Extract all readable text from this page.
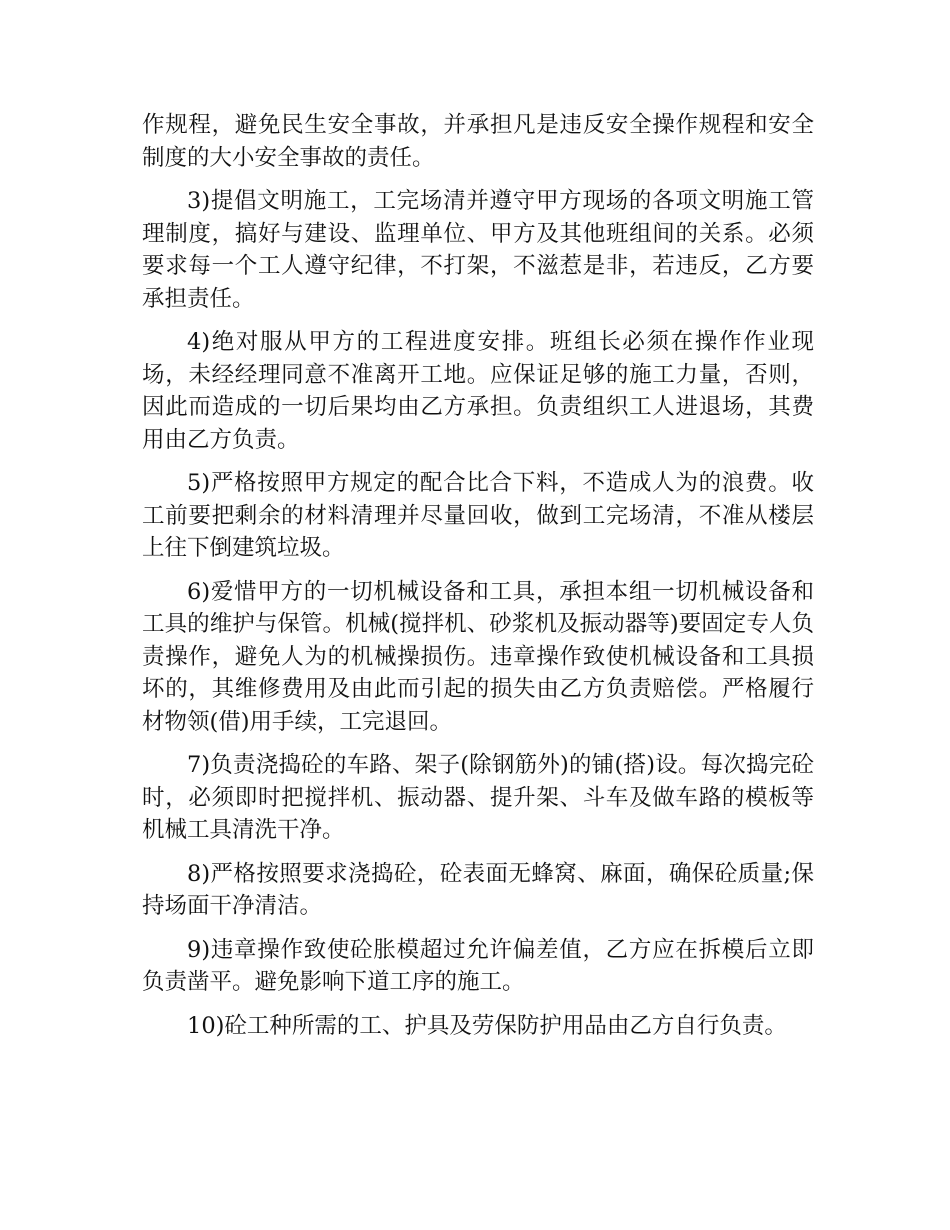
作规程，避免民生安全事故，并承担凡是违反安全操作规程和安全制度的大小安全事故的责任。

3)提倡文明施工，工完场清并遵守甲方现场的各项文明施工管理制度，搞好与建设、监理单位、甲方及其他班组间的关系。必须要求每一个工人遵守纪律，不打架，不滋惹是非，若违反，乙方要承担责任。

4)绝对服从甲方的工程进度安排。班组长必须在操作作业现场，未经经理同意不准离开工地。应保证足够的施工力量，否则，因此而造成的一切后果均由乙方承担。负责组织工人进退场，其费用由乙方负责。

5)严格按照甲方规定的配合比合下料，不造成人为的浪费。收工前要把剩余的材料清理并尽量回收，做到工完场清，不准从楼层上往下倒建筑垃圾。

6)爱惜甲方的一切机械设备和工具，承担本组一切机械设备和工具的维护与保管。机械(搅拌机、砂浆机及振动器等)要固定专人负责操作，避免人为的机械操损伤。违章操作致使机械设备和工具损坏的，其维修费用及由此而引起的损失由乙方负责赔偿。严格履行材物领(借)用手续，工完退回。

7)负责浇捣砼的车路、架子(除钢筋外)的铺(搭)设。每次捣完砼时，必须即时把搅拌机、振动器、提升架、斗车及做车路的模板等机械工具清洗干净。

8)严格按照要求浇捣砼，砼表面无蜂窝、麻面，确保砼质量;保持场面干净清洁。

9)违章操作致使砼胀模超过允许偏差值，乙方应在拆模后立即负责凿平。避免影响下道工序的施工。

10)砼工种所需的工、护具及劳保防护用品由乙方自行负责。
